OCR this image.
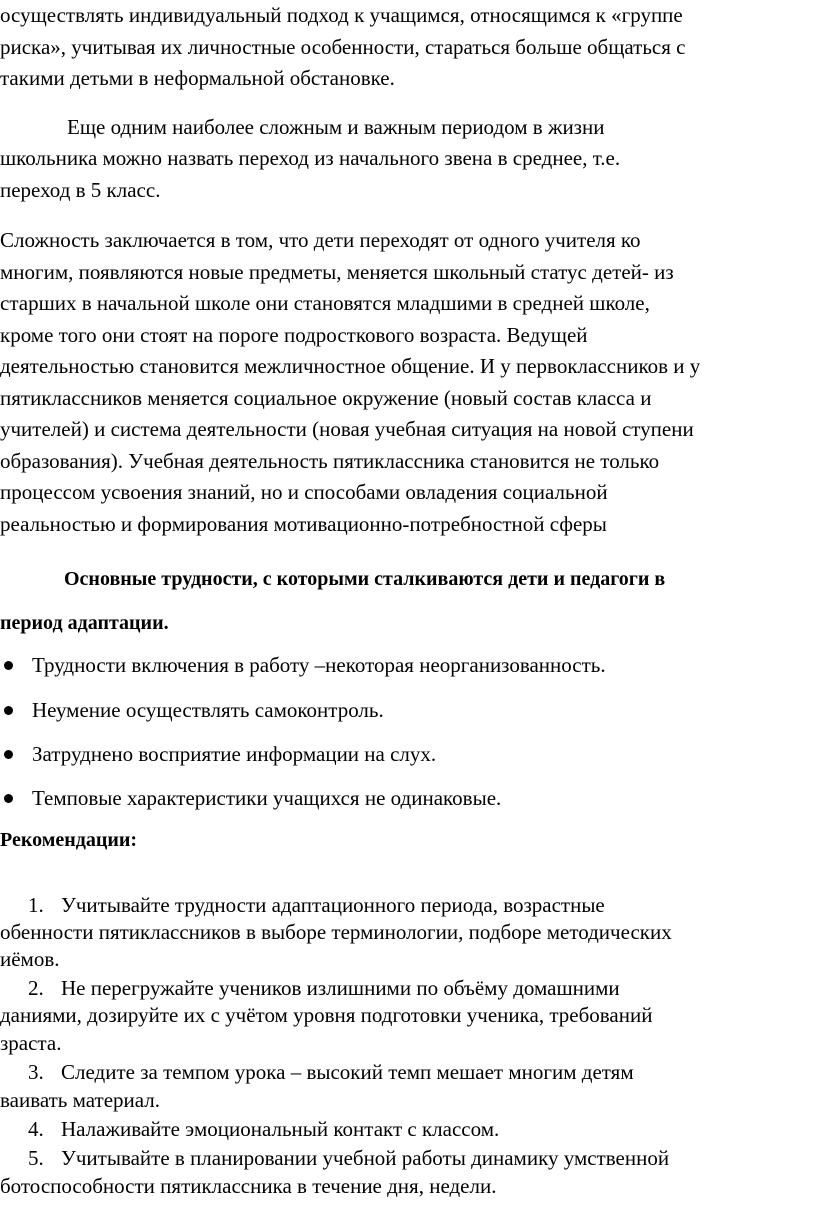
осуществлять индивидуальный подход к учащимся, относящимся к «группе
риска», учитывая их личностные особенности, стараться больше общаться с
такими детьми в неформальной обстановке.
Еще одним наиболее сложным и важным периодом в жизни
школьника можно назвать переход из начального звена в среднее, т.е.
переход в 5 класс.
Сложность заключается в том, что дети переходят от одного учителя ко
многим, появляются новые предметы, меняется школьный статус детей- из
старших в начальной школе они становятся младшими в средней школе,
кроме того они стоят на пороге подросткового возраста. Ведущей
деятельностью становится межличностное общение. И у первоклассников и у
пятиклассников меняется социальное окружение (новый состав класса и
учителей) и система деятельности (новая учебная ситуация на новой ступени
образования). Учебная деятельность пятиклассника становится не только
процессом усвоения знаний, но и способами овладения социальной
реальностью и формирования мотивационно-потребностной сферы
Основные трудности, с которыми сталкиваются дети и педагоги в
период адаптации.
Трудности включения в работу –некоторая неорганизованность.
Неумение осуществлять самоконтроль.
Затруднено восприятие информации на слух.
Темповые характеристики учащихся не одинаковые.
Рекомендации:
1. Учитывайте трудности адаптационного периода, возрастные
обенности пятиклассников в выборе терминологии, подборе методических
иёмов.
2. Не перегружайте учеников излишними по объёму домашними
даниями, дозируйте их с учётом уровня подготовки ученика, требований
зраста.
3. Следите за темпом урока – высокий темп мешает многим детям
ваивать материал.
4. Налаживайте эмоциональный контакт с классом.
5. Учитывайте в планировании учебной работы динамику умственной
ботоспособности пятиклассника в течение дня, недели.
